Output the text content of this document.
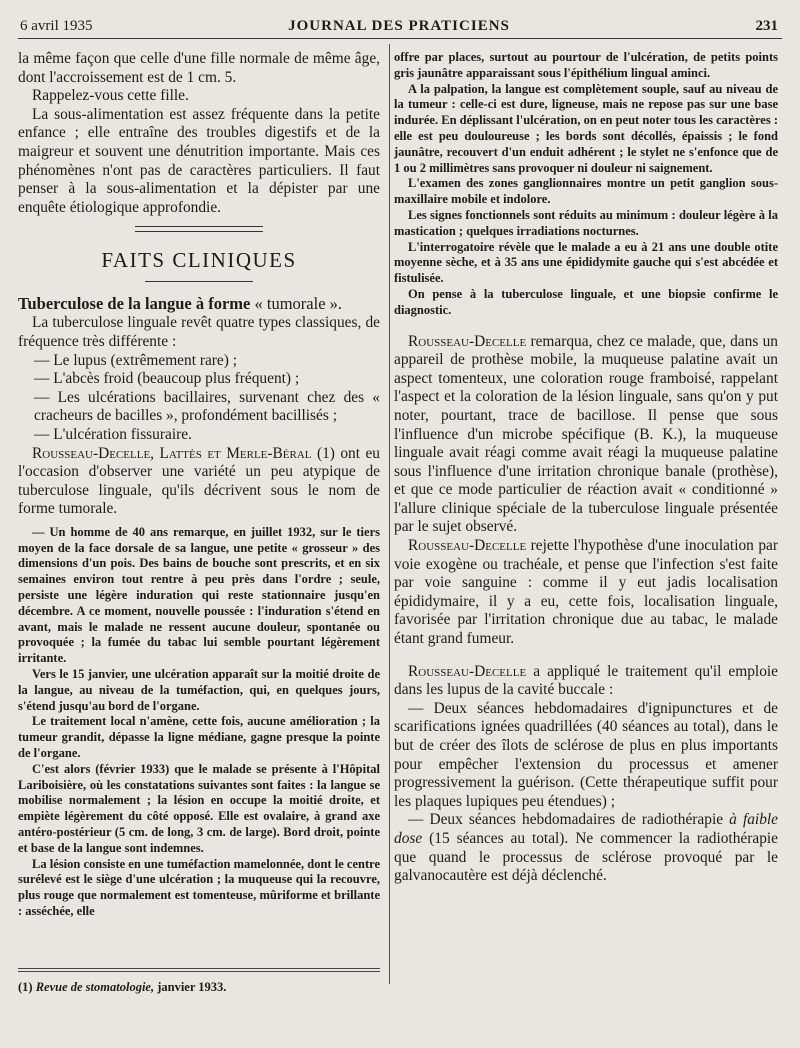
6 avril 1935	JOURNAL DES PRATICIENS	231

la même façon que celle d'une fille normale de même âge, dont l'accroissement est de 1 cm. 5.

Rappelez-vous cette fille.

La sous-alimentation est assez fréquente dans la petite enfance ; elle entraîne des troubles digestifs et de la maigreur et souvent une dénutrition importante. Mais ces phénomènes n'ont pas de caractères particuliers. Il faut penser à la sous-alimentation et la dépister par une enquête étiologique approfondie.

FAITS CLINIQUES
Tuberculose de la langue à forme « tumorale ».

La tuberculose linguale revêt quatre types classiques, de fréquence très différente :

— Le lupus (extrêmement rare) ;

— L'abcès froid (beaucoup plus fréquent) ;

— Les ulcérations bacillaires, survenant chez des « cracheurs de bacilles », profondément bacillisés ;

— L'ulcération fissuraire.

Rousseau-Decelle, Lattès et Merle-Béral (1) ont eu l'occasion d'observer une variété un peu atypique de tuberculose linguale, qu'ils décrivent sous le nom de forme tumorale.

— Un homme de 40 ans remarque, en juillet 1932, sur le tiers moyen de la face dorsale de sa langue, une petite « grosseur » des dimensions d'un pois. Des bains de bouche sont prescrits, et en six semaines environ tout rentre à peu près dans l'ordre ; seule, persiste une légère induration qui reste stationnaire jusqu'en décembre. A ce moment, nouvelle poussée : l'induration s'étend en avant, mais le malade ne ressent aucune douleur, spontanée ou provoquée ; la fumée du tabac lui semble pourtant légèrement irritante.

Vers le 15 janvier, une ulcération apparaît sur la moitié droite de la langue, au niveau de la tuméfaction, qui, en quelques jours, s'étend jusqu'au bord de l'organe.

Le traitement local n'amène, cette fois, aucune amélioration ; la tumeur grandit, dépasse la ligne médiane, gagne presque la pointe de l'organe.

C'est alors (février 1933) que le malade se présente à l'Hôpital Lariboisière, où les constatations suivantes sont faites : la langue se mobilise normalement ; la lésion en occupe la moitié droite, et empiète légèrement du côté opposé. Elle est ovalaire, à grand axe antéro-postérieur (5 cm. de long, 3 cm. de large). Bord droit, pointe et base de la langue sont indemnes.

La lésion consiste en une tuméfaction mamelonnée, dont le centre surélevé est le siège d'une ulcération ; la muqueuse qui la recouvre, plus rouge que normalement est tomenteuse, mûriforme et brillante : asséchée, elle

(1) Revue de stomatologie, janvier 1933.

offre par places, surtout au pourtour de l'ulcération, de petits points gris jaunâtre apparaissant sous l'épithélium lingual aminci.

A la palpation, la langue est complètement souple, sauf au niveau de la tumeur : celle-ci est dure, ligneuse, mais ne repose pas sur une base indurée. En déplissant l'ulcération, on en peut noter tous les caractères : elle est peu douloureuse ; les bords sont décollés, épaissis ; le fond jaunâtre, recouvert d'un enduit adhérent ; le stylet ne s'enfonce que de 1 ou 2 millimètres sans provoquer ni douleur ni saignement.

L'examen des zones ganglionnaires montre un petit ganglion sous-maxillaire mobile et indolore.

Les signes fonctionnels sont réduits au minimum : douleur légère à la mastication ; quelques irradiations nocturnes.

L'interrogatoire révèle que le malade a eu à 21 ans une double otite moyenne sèche, et à 35 ans une épididymite gauche qui s'est abcédée et fistulisée.

On pense à la tuberculose linguale, et une biopsie confirme le diagnostic.

Rousseau-Decelle remarqua, chez ce malade, que, dans un appareil de prothèse mobile, la muqueuse palatine avait un aspect tomenteux, une coloration rouge framboisé, rappelant l'aspect et la coloration de la lésion linguale, sans qu'on y put noter, pourtant, trace de bacillose. Il pense que sous l'influence d'un microbe spécifique (B. K.), la muqueuse linguale avait réagi comme avait réagi la muqueuse palatine sous l'influence d'une irritation chronique banale (prothèse), et que ce mode particulier de réaction avait « conditionné » l'allure clinique spéciale de la tuberculose linguale présentée par le sujet observé.

Rousseau-Decelle rejette l'hypothèse d'une inoculation par voie exogène ou trachéale, et pense que l'infection s'est faite par voie sanguine : comme il y eut jadis localisation épididymaire, il y a eu, cette fois, localisation linguale, favorisée par l'irritation chronique due au tabac, le malade étant grand fumeur.

Rousseau-Decelle a appliqué le traitement qu'il emploie dans les lupus de la cavité buccale :

— Deux séances hebdomadaires d'ignipunctures et de scarifications ignées quadrillées (40 séances au total), dans le but de créer des îlots de sclérose de plus en plus importants pour empêcher l'extension du processus et amener progressivement la guérison. (Cette thérapeutique suffit pour les plaques lupiques peu étendues) ;

— Deux séances hebdomadaires de radiothérapie à faible dose (15 séances au total). Ne commencer la radiothérapie que quand le processus de sclérose provoqué par le galvanocautère est déjà déclenché.
